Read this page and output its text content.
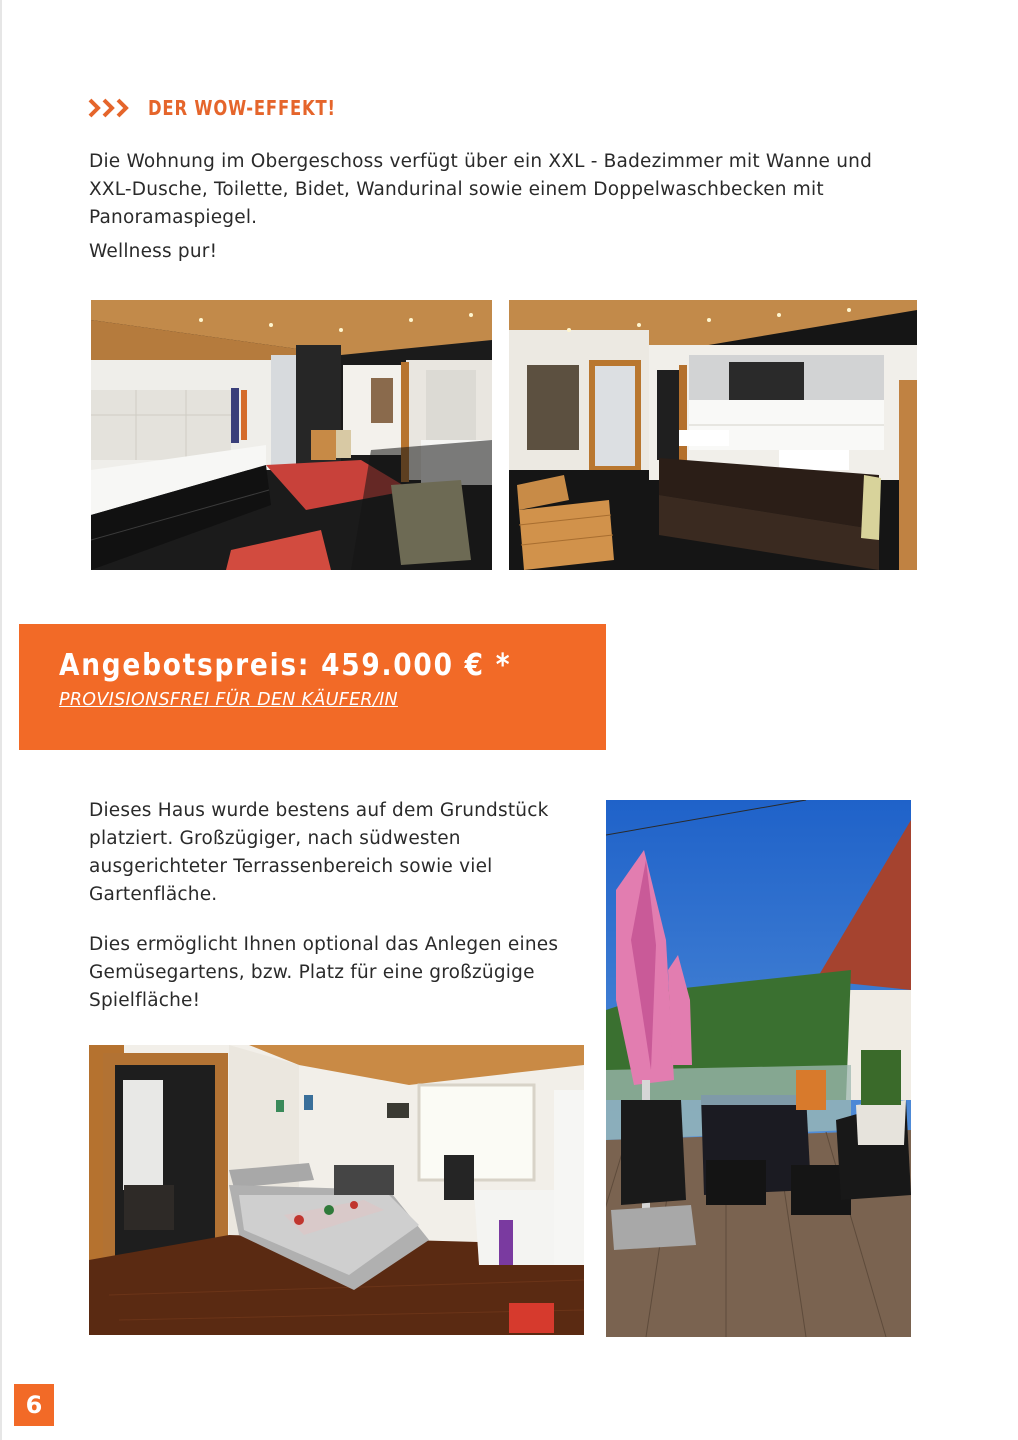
DER WOW-EFFEKT!

Die Wohnung im Obergeschoss verfügt über ein XXL - Badezimmer mit Wanne und XXL-Dusche, Toilette, Bidet, Wandurinal sowie einem Doppelwaschbecken mit Panoramaspiegel.

Wellness pur!

Angebotspreis: 459.000 € *
PROVISIONSFREI FÜR DEN KÄUFER/IN

Dieses Haus wurde bestens auf dem Grundstück platziert. Großzügiger, nach südwesten ausgerichteter Terrassenbereich sowie viel Gartenfläche.

Dies ermöglicht Ihnen optional das Anlegen eines Gemüsegartens, bzw. Platz für eine großzügige Spielfläche!

6
